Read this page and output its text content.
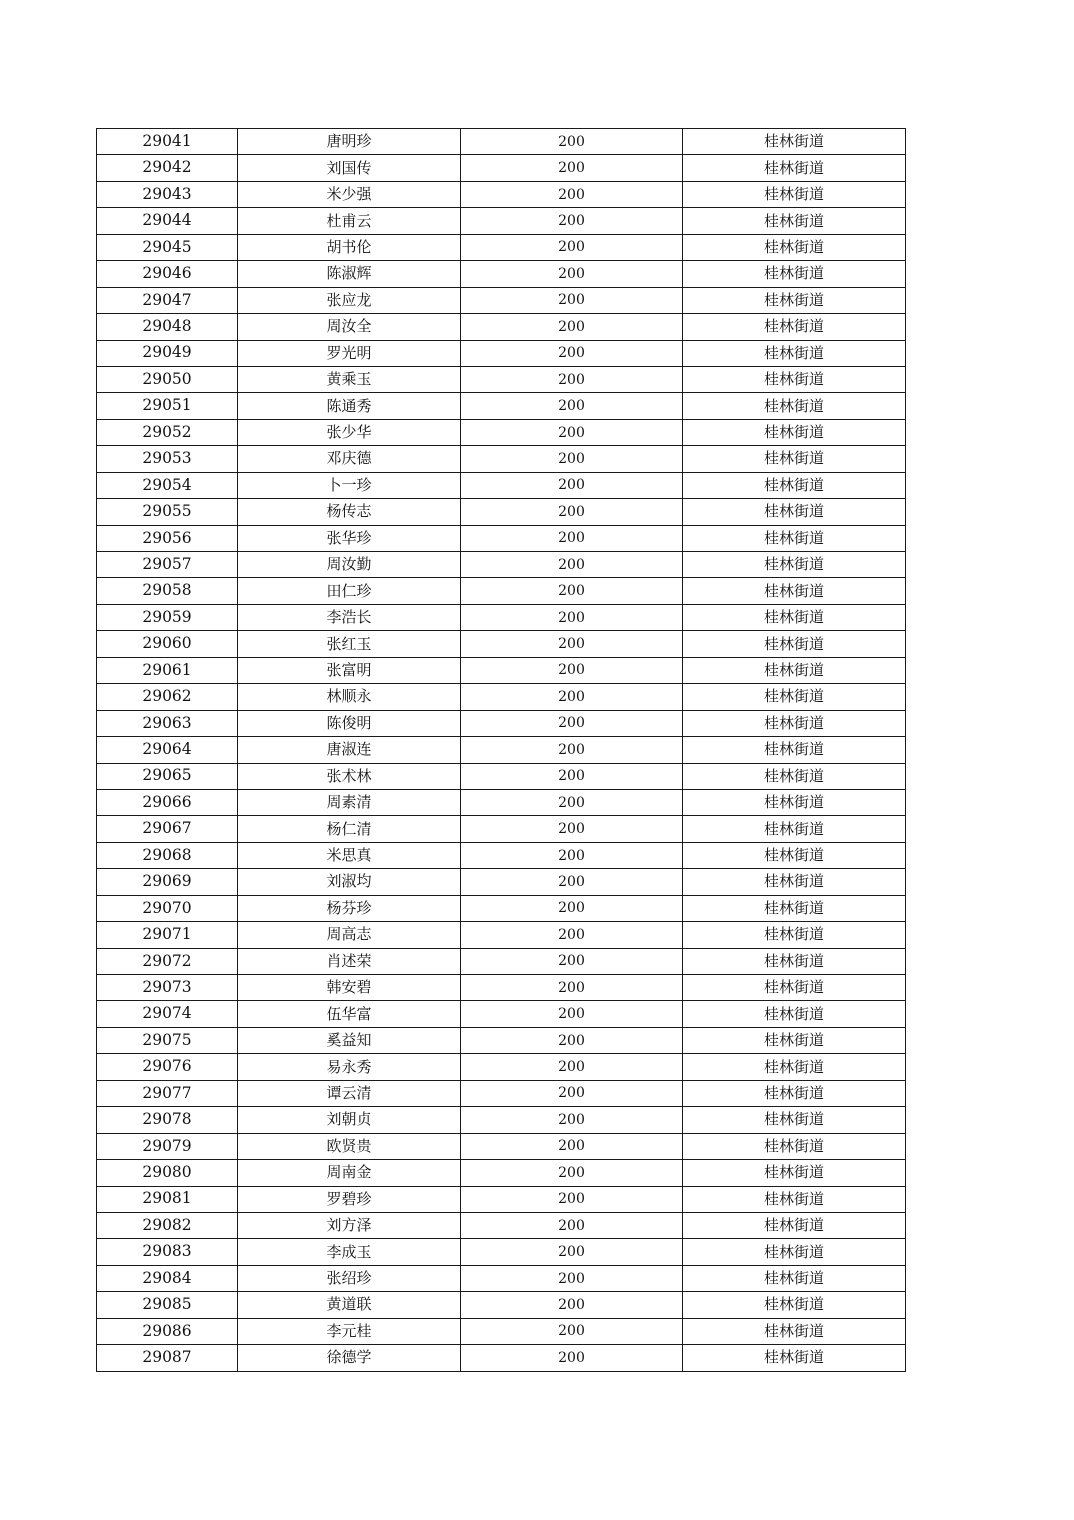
29041	唐明珍	200	桂林街道
29042	刘国传	200	桂林街道
29043	米少强	200	桂林街道
29044	杜甫云	200	桂林街道
29045	胡书伦	200	桂林街道
29046	陈淑辉	200	桂林街道
29047	张应龙	200	桂林街道
29048	周汝全	200	桂林街道
29049	罗光明	200	桂林街道
29050	黄乘玉	200	桂林街道
29051	陈通秀	200	桂林街道
29052	张少华	200	桂林街道
29053	邓庆德	200	桂林街道
29054	卜一珍	200	桂林街道
29055	杨传志	200	桂林街道
29056	张华珍	200	桂林街道
29057	周汝勤	200	桂林街道
29058	田仁珍	200	桂林街道
29059	李浩长	200	桂林街道
29060	张红玉	200	桂林街道
29061	张富明	200	桂林街道
29062	林顺永	200	桂林街道
29063	陈俊明	200	桂林街道
29064	唐淑连	200	桂林街道
29065	张术林	200	桂林街道
29066	周素清	200	桂林街道
29067	杨仁清	200	桂林街道
29068	米思真	200	桂林街道
29069	刘淑均	200	桂林街道
29070	杨芬珍	200	桂林街道
29071	周高志	200	桂林街道
29072	肖述荣	200	桂林街道
29073	韩安碧	200	桂林街道
29074	伍华富	200	桂林街道
29075	奚益知	200	桂林街道
29076	易永秀	200	桂林街道
29077	谭云清	200	桂林街道
29078	刘朝贞	200	桂林街道
29079	欧贤贵	200	桂林街道
29080	周南金	200	桂林街道
29081	罗碧珍	200	桂林街道
29082	刘方泽	200	桂林街道
29083	李成玉	200	桂林街道
29084	张绍珍	200	桂林街道
29085	黄道联	200	桂林街道
29086	李元桂	200	桂林街道
29087	徐德学	200	桂林街道
